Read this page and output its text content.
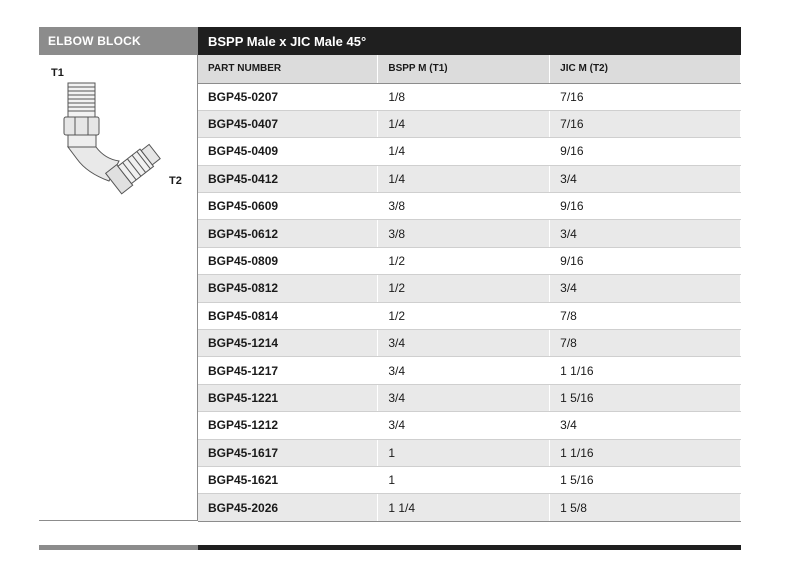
ELBOW BLOCK	BSPP Male x JIC Male 45°
T1
T2
PART NUMBER	BSPP M (T1)	JIC M (T2)
BGP45-0207	1/8	7/16
BGP45-0407	1/4	7/16
BGP45-0409	1/4	9/16
BGP45-0412	1/4	3/4
BGP45-0609	3/8	9/16
BGP45-0612	3/8	3/4
BGP45-0809	1/2	9/16
BGP45-0812	1/2	3/4
BGP45-0814	1/2	7/8
BGP45-1214	3/4	7/8
BGP45-1217	3/4	1 1/16
BGP45-1221	3/4	1 5/16
BGP45-1212	3/4	3/4
BGP45-1617	1	1 1/16
BGP45-1621	1	1 5/16
BGP45-2026	1 1/4	1 5/8
